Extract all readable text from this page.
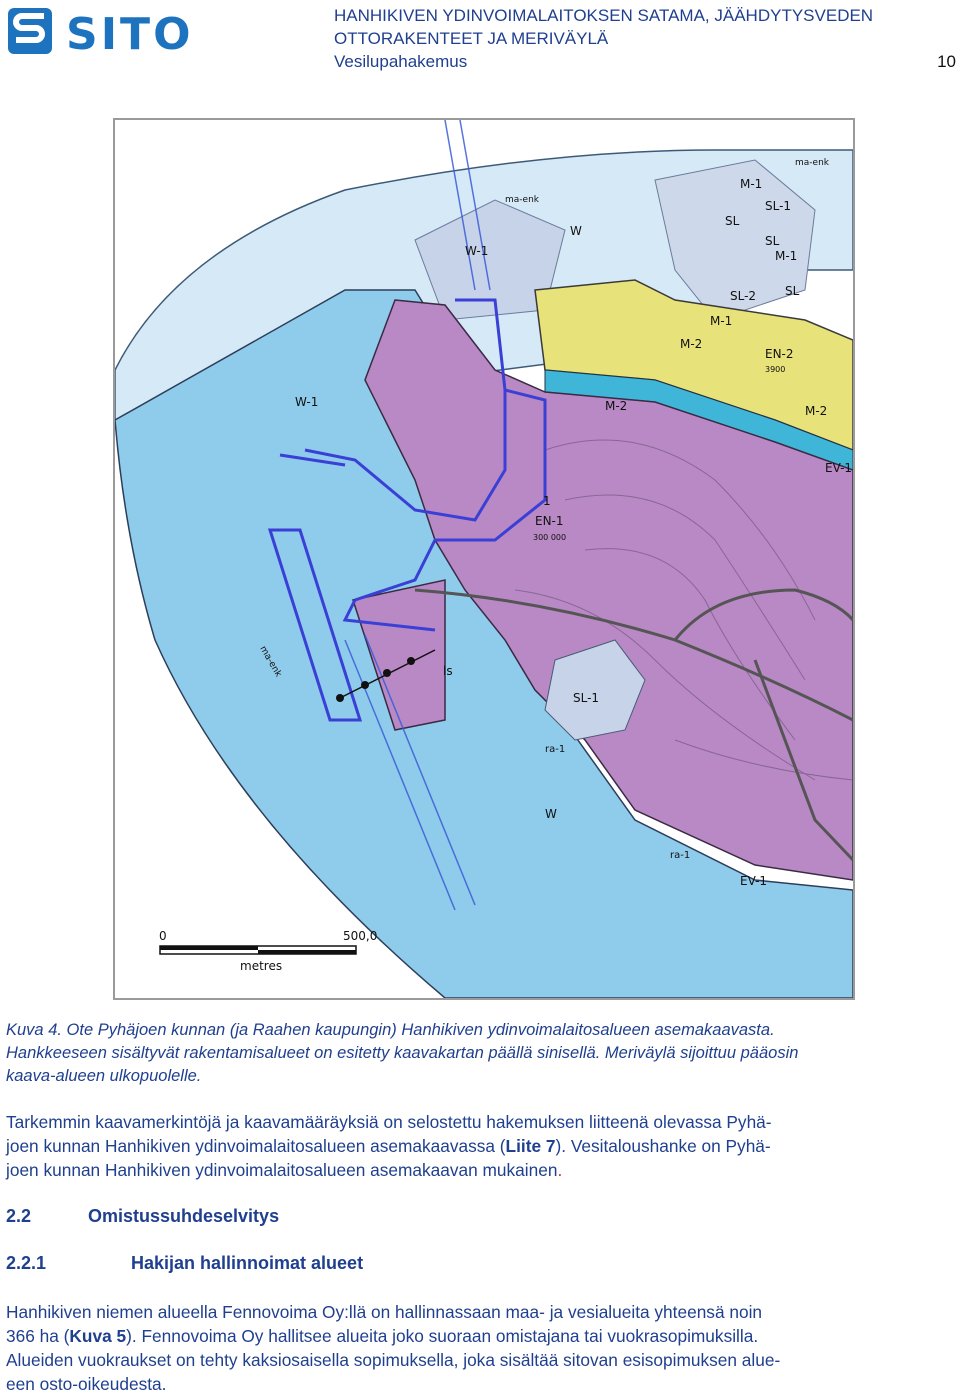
SITO	HANHIKIVEN YDINVOIMALAITOKSEN SATAMA, JÄÄHDYTYSVEDEN
OTTORAKENTEET JA MERIVÄYLÄ
Vesilupahakemus	10
W-1
W
W-1
SL-1
SL
SL
M-1
M-1
SL-2 SL
M-1
EN-2
3900
M-2
M-2	M-2
EV-1
1
EN-1
300 000
ls
SL-1
ra-1
W
ra-1
EV-1
ma-enk
ma-enk
ma-enk
0	500,0
metres
Kuva 4. Ote Pyhäjoen kunnan (ja Raahen kaupungin) Hanhikiven ydinvoimalaitosalueen asemakaavasta.
Hankkeeseen sisältyvät rakentamisalueet on esitetty kaavakartan päällä sinisellä. Meriväylä sijoittuu pääosin
kaava-alueen ulkopuolelle.
Tarkemmin kaavamerkintöjä ja kaavamääräyksiä on selostettu hakemuksen liitteenä olevassa Pyhä-
joen kunnan Hanhikiven ydinvoimalaitosalueen asemakaavassa (Liite 7). Vesitaloushanke on Pyhä-
joen kunnan Hanhikiven ydinvoimalaitosalueen asemakaavan mukainen.
2.2	Omistussuhdeselvitys
2.2.1	Hakijan hallinnoimat alueet
Hanhikiven niemen alueella Fennovoima Oy:llä on hallinnassaan maa- ja vesialueita yhteensä noin
366 ha (Kuva 5). Fennovoima Oy hallitsee alueita joko suoraan omistajana tai vuokrasopimuksilla.
Alueiden vuokraukset on tehty kaksiosaisella sopimuksella, joka sisältää sitovan esisopimuksen alue-
een osto-oikeudesta.
